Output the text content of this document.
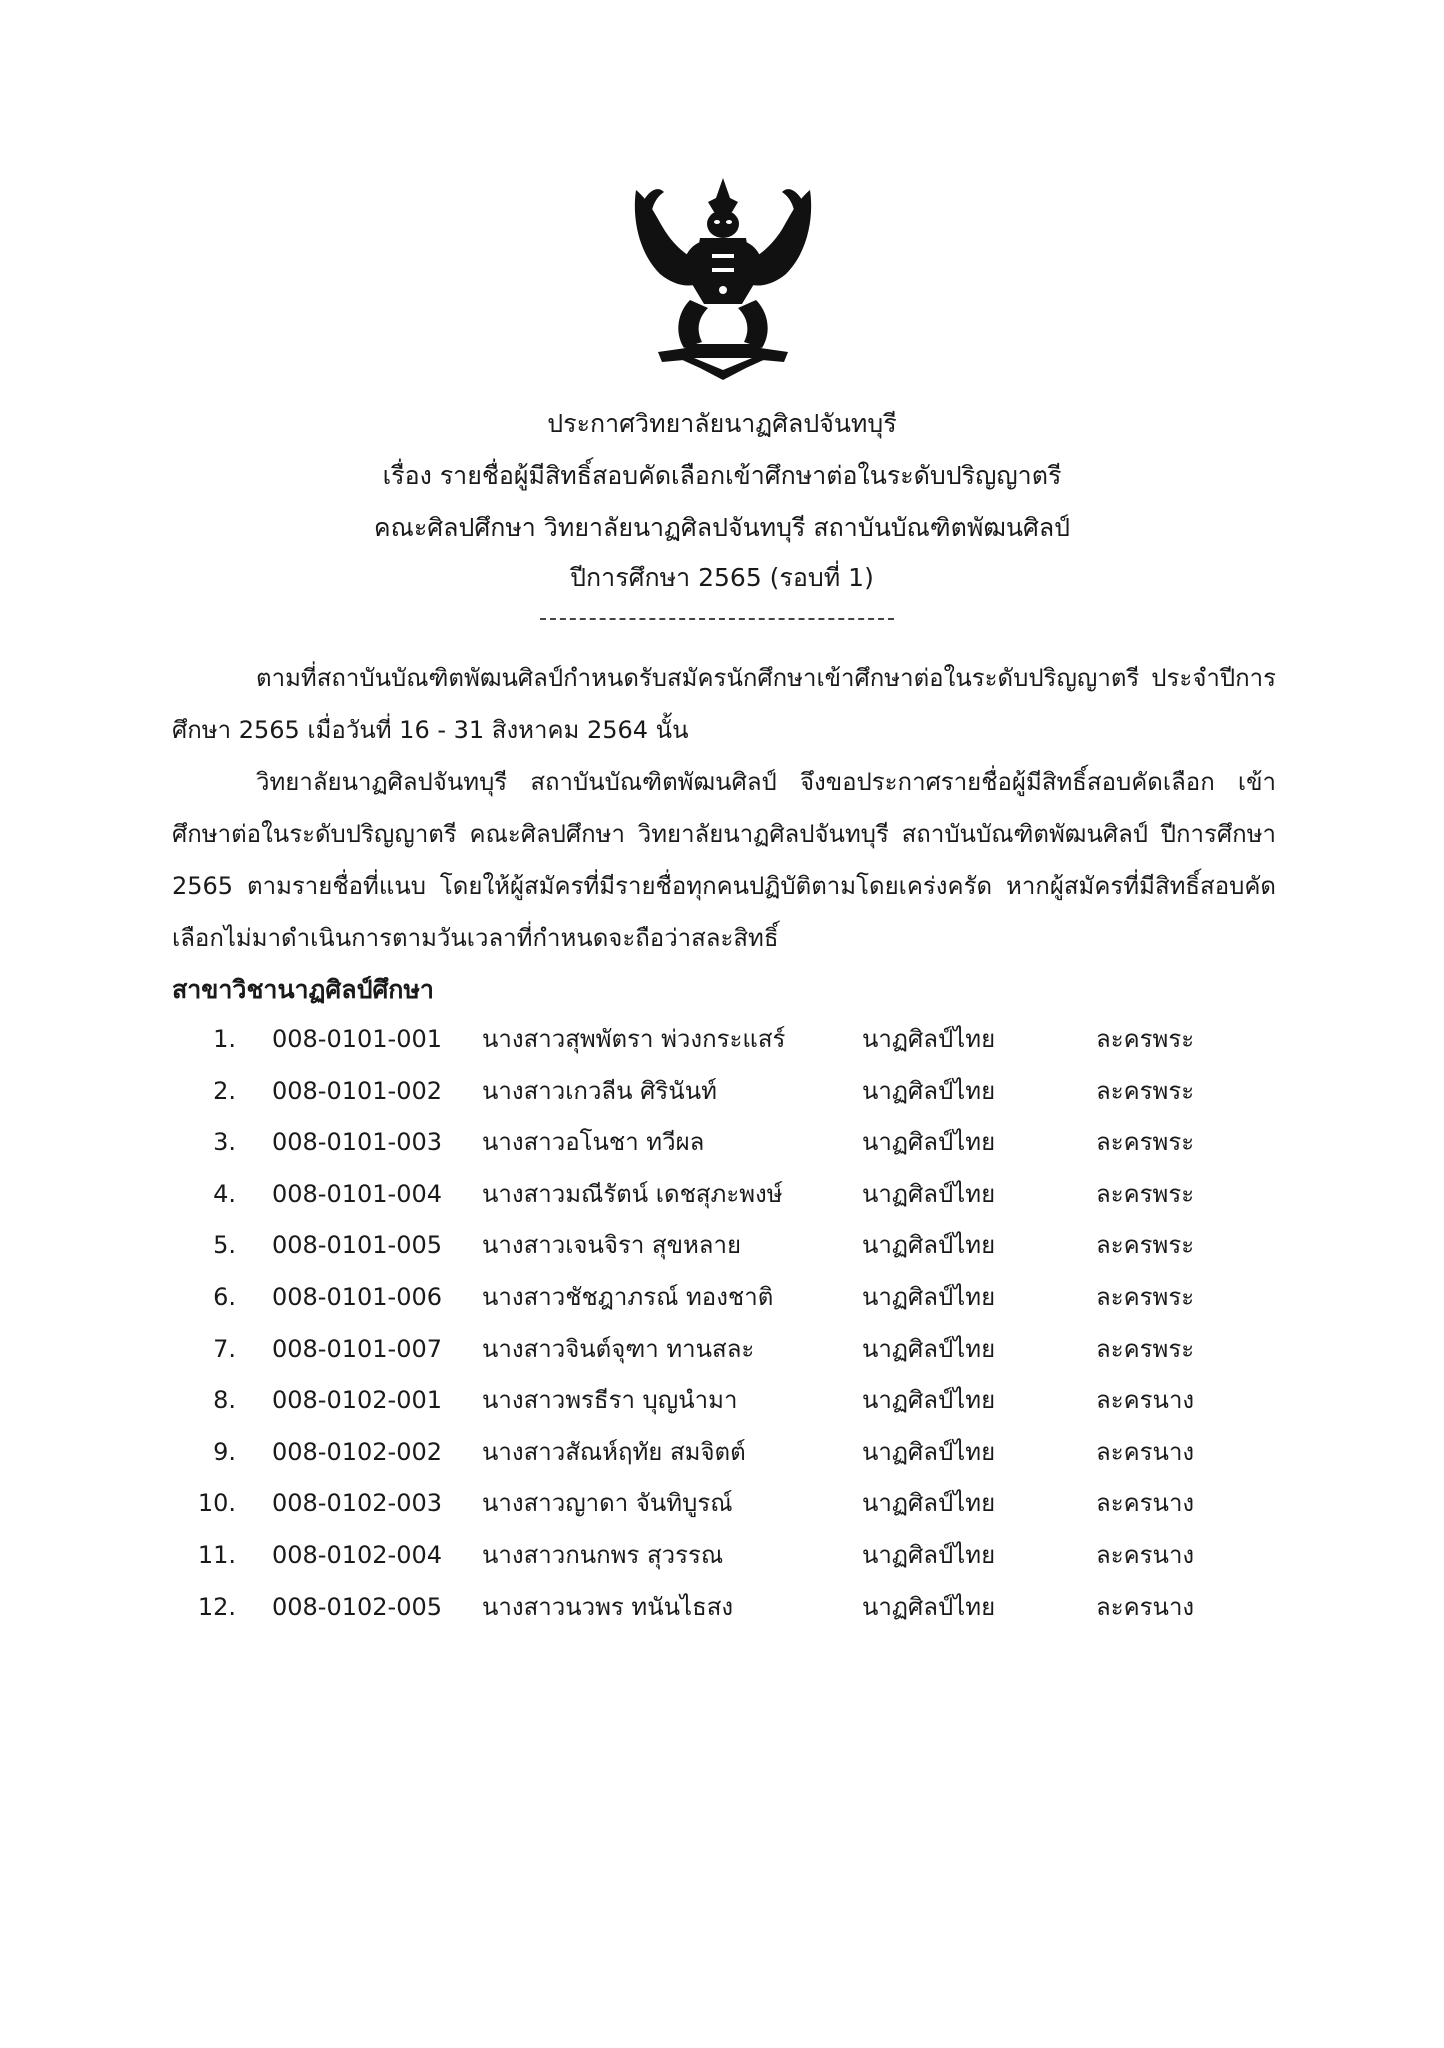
ประกาศวิทยาลัยนาฏศิลปจันทบุรี
เรื่อง รายชื่อผู้มีสิทธิ์สอบคัดเลือกเข้าศึกษาต่อในระดับปริญญาตรี
คณะศิลปศึกษา วิทยาลัยนาฏศิลปจันทบุรี สถาบันบัณฑิตพัฒนศิลป์
ปีการศึกษา 2565 (รอบที่ 1)
ตามที่สถาบันบัณฑิตพัฒนศิลป์กำหนดรับสมัครนักศึกษาเข้าศึกษาต่อในระดับปริญญาตรี ประจำปีการศึกษา 2565 เมื่อวันที่ 16 - 31 สิงหาคม 2564 นั้น
วิทยาลัยนาฏศิลปจันทบุรี สถาบันบัณฑิตพัฒนศิลป์ จึงขอประกาศรายชื่อผู้มีสิทธิ์สอบคัดเลือก เข้าศึกษาต่อในระดับปริญญาตรี คณะศิลปศึกษา วิทยาลัยนาฏศิลปจันทบุรี สถาบันบัณฑิตพัฒนศิลป์ ปีการศึกษา 2565 ตามรายชื่อที่แนบ โดยให้ผู้สมัครที่มีรายชื่อทุกคนปฏิบัติตามโดยเคร่งครัด หากผู้สมัครที่มีสิทธิ์สอบคัดเลือกไม่มาดำเนินการตามวันเวลาที่กำหนดจะถือว่าสละสิทธิ์
สาขาวิชานาฏศิลป์ศึกษา
1. 008-0101-001 นางสาวสุพพัตรา พ่วงกระแสร์	นาฏศิลป์ไทย	ละครพระ
2. 008-0101-002 นางสาวเกวลีน ศิรินันท์	นาฏศิลป์ไทย	ละครพระ
3. 008-0101-003 นางสาวอโนชา ทวีผล	นาฏศิลป์ไทย	ละครพระ
4. 008-0101-004 นางสาวมณีรัตน์ เดชสุภะพงษ์	นาฏศิลป์ไทย	ละครพระ
5. 008-0101-005 นางสาวเจนจิรา สุขหลาย	นาฏศิลป์ไทย	ละครพระ
6. 008-0101-006 นางสาวชัชฎาภรณ์ ทองชาติ	นาฏศิลป์ไทย	ละครพระ
7. 008-0101-007 นางสาวจินต์จุฑา ทานสละ	นาฏศิลป์ไทย	ละครพระ
8. 008-0102-001 นางสาวพรธีรา บุญนำมา	นาฏศิลป์ไทย	ละครนาง
9. 008-0102-002 นางสาวสัณห์ฤทัย สมจิตต์	นาฏศิลป์ไทย	ละครนาง
10. 008-0102-003 นางสาวญาดา จันทิบูรณ์	นาฏศิลป์ไทย	ละครนาง
11. 008-0102-004 นางสาวกนกพร สุวรรณ	นาฏศิลป์ไทย	ละครนาง
12. 008-0102-005 นางสาวนวพร ทนันไธสง	นาฏศิลป์ไทย	ละครนาง
